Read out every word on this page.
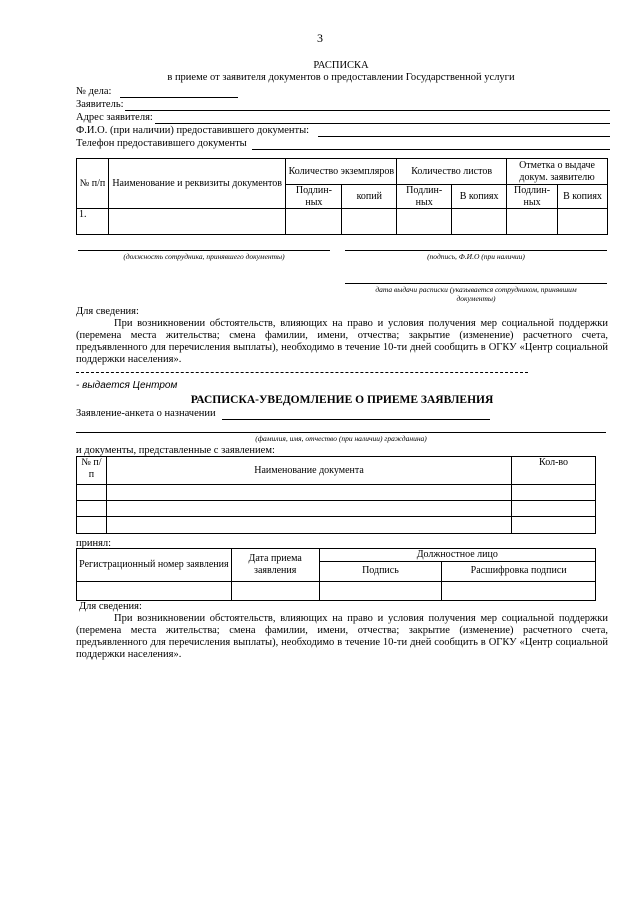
3
РАСПИСКА
в приеме от заявителя документов о предоставлении Государственной услуги
№ дела:
Заявитель:
Адрес заявителя:
Ф.И.О. (при наличии) предоставившего документы:
Телефон предоставившего документы
№ п/п	Наименование и реквизиты документов	Количество экземпляров		Количество листов		Отметка о выдаче докум. заявителю	
		Подлин-ных	копий	Подлин-ных	В копиях	Подлин-ных	В копиях
1.							
(должность сотрудника, принявшего документы)	(подпись, Ф.И.О (при наличии)
дата выдачи расписки (указывается сотрудником, принявшим
документы)
Для сведения:
При возникновении обстоятельств, влияющих на право и условия получения мер социальной поддержки (перемена места жительства; смена фамилии, имени, отчества; закрытие (изменение) расчетного счета, предъявленного для перечисления выплаты), необходимо в течение 10-ти дней сообщить в ОГКУ «Центр социальной поддержки населения».
- выдается Центром
РАСПИСКА-УВЕДОМЛЕНИЕ О ПРИЕМЕ ЗАЯВЛЕНИЯ
Заявление-анкета о назначении
(фамилия, имя, отчество (при наличии) гражданина)
и документы, представленные с заявлением:
№ п/п	Наименование документа	Кол-во

принял:
Регистрационный номер заявления	Дата приема заявления	Должностное лицо	
		Подпись	Расшифровка подписи

Для сведения:
При возникновении обстоятельств, влияющих на право и условия получения мер социальной поддержки (перемена места жительства; смена фамилии, имени, отчества; закрытие (изменение) расчетного счета, предъявленного для перечисления выплаты), необходимо в течение 10-ти дней сообщить в ОГКУ «Центр социальной поддержки населения».
